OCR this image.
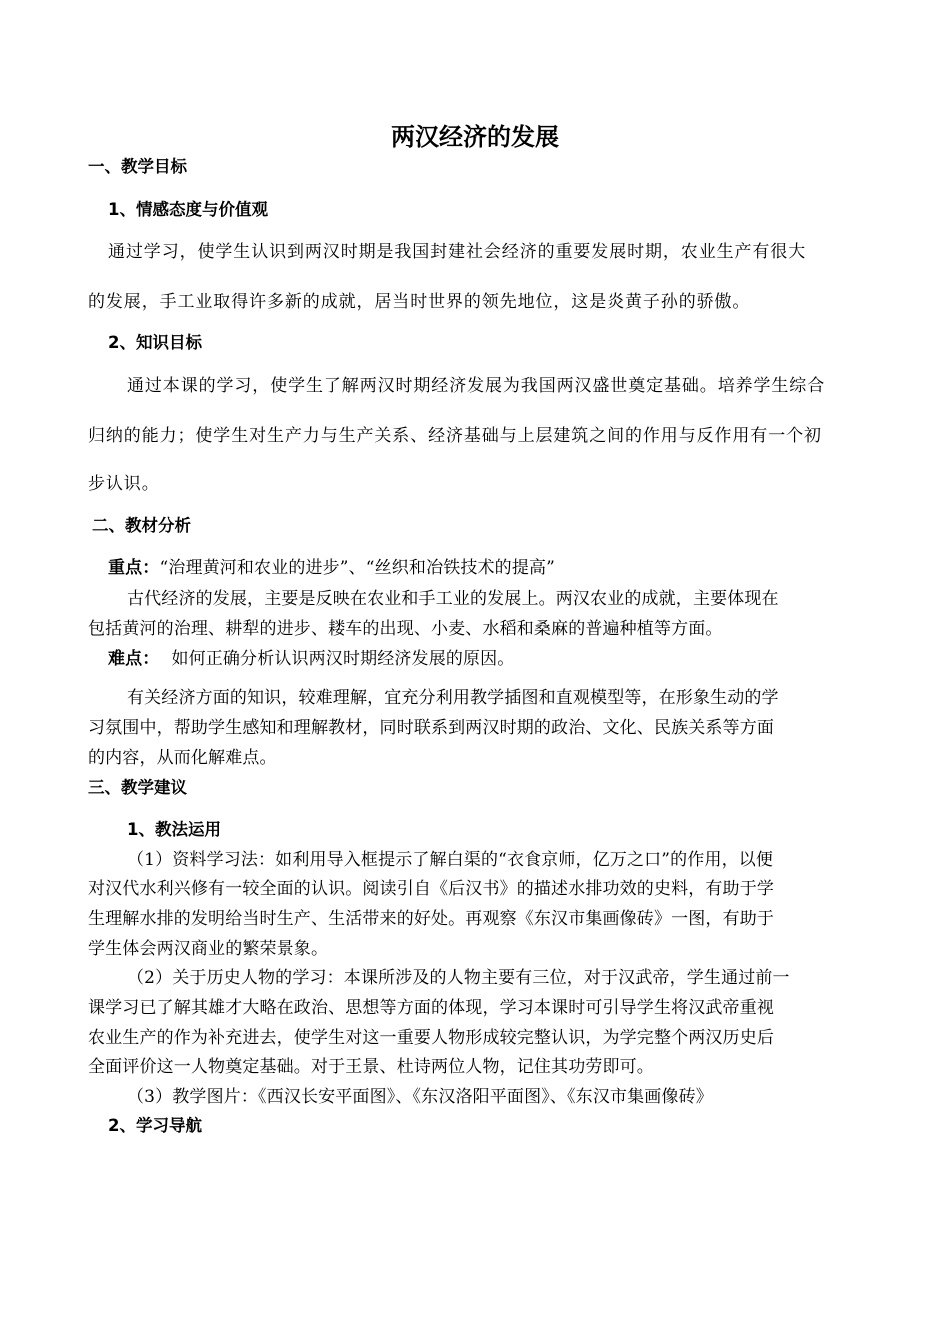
两汉经济的发展
一、教学目标
1、情感态度与价值观
通过学习，使学生认识到两汉时期是我国封建社会经济的重要发展时期，农业生产有很大
的发展，手工业取得许多新的成就，居当时世界的领先地位，这是炎黄子孙的骄傲。
2、知识目标
通过本课的学习，使学生了解两汉时期经济发展为我国两汉盛世奠定基础。培养学生综合
归纳的能力；使学生对生产力与生产关系、经济基础与上层建筑之间的作用与反作用有一个初
步认识。
二、教材分析
重点：“治理黄河和农业的进步”、“丝织和冶铁技术的提高”
古代经济的发展，主要是反映在农业和手工业的发展上。两汉农业的成就，主要体现在
包括黄河的治理、耕犁的进步、耧车的出现、小麦、水稻和桑麻的普遍种植等方面。
难点： 如何正确分析认识两汉时期经济发展的原因。
有关经济方面的知识，较难理解，宜充分利用教学插图和直观模型等，在形象生动的学
习氛围中，帮助学生感知和理解教材，同时联系到两汉时期的政治、文化、民族关系等方面
的内容，从而化解难点。
三、教学建议
1、教法运用
（1）资料学习法：如利用导入框提示了解白渠的“衣食京师，亿万之口”的作用，以便
对汉代水利兴修有一较全面的认识。阅读引自《后汉书》的描述水排功效的史料，有助于学
生理解水排的发明给当时生产、生活带来的好处。再观察《东汉市集画像砖》一图，有助于
学生体会两汉商业的繁荣景象。
（2）关于历史人物的学习：本课所涉及的人物主要有三位，对于汉武帝，学生通过前一
课学习已了解其雄才大略在政治、思想等方面的体现，学习本课时可引导学生将汉武帝重视
农业生产的作为补充进去，使学生对这一重要人物形成较完整认识，为学完整个两汉历史后
全面评价这一人物奠定基础。对于王景、杜诗两位人物，记住其功劳即可。
（3）教学图片：《西汉长安平面图》、《东汉洛阳平面图》、《东汉市集画像砖》
2、学习导航
